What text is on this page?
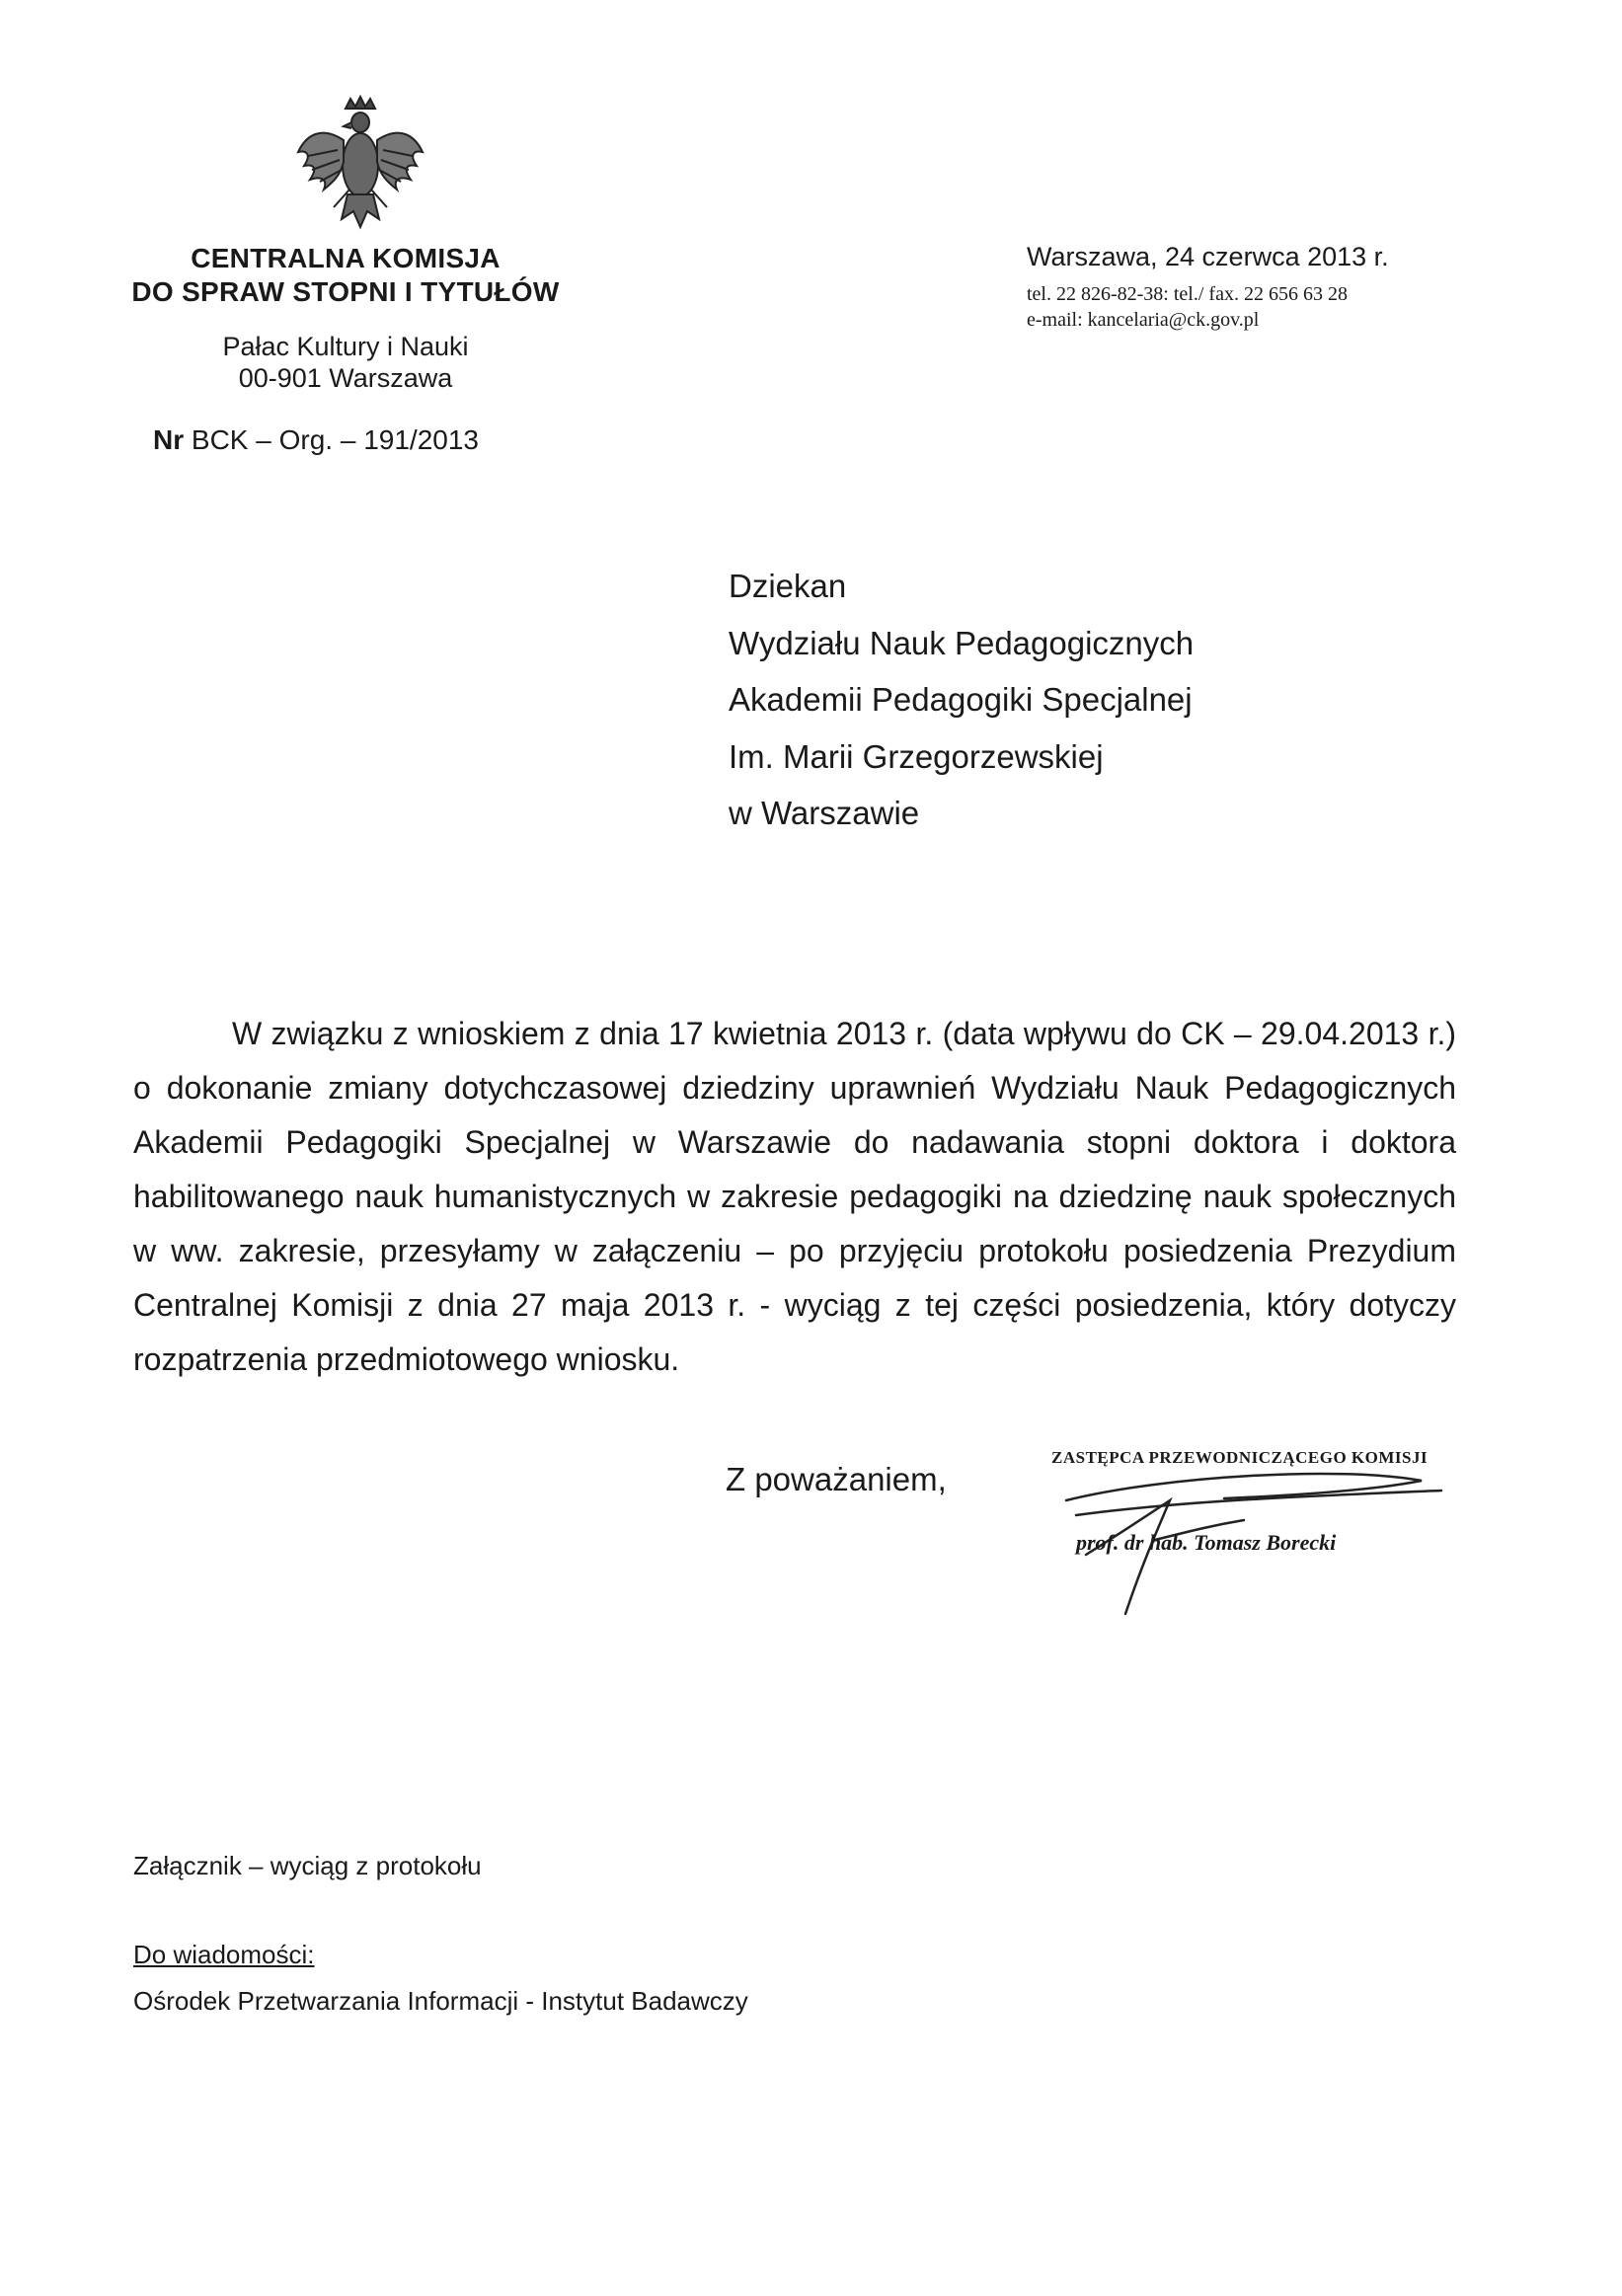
CENTRALNA KOMISJA
DO SPRAW STOPNI I TYTUŁÓW
Pałac Kultury i Nauki
00-901 Warszawa
Warszawa, 24 czerwca 2013 r.
tel. 22 826-82-38: tel./ fax. 22 656 63 28
e-mail: kancelaria@ck.gov.pl
Nr BCK – Org. – 191/2013
Dziekan
Wydziału Nauk Pedagogicznych
Akademii Pedagogiki Specjalnej
Im. Marii Grzegorzewskiej
w Warszawie

W związku z wnioskiem z dnia 17 kwietnia 2013 r. (data wpływu do CK – 29.04.2013 r.) o dokonanie zmiany dotychczasowej dziedziny uprawnień Wydziału Nauk Pedagogicznych Akademii Pedagogiki Specjalnej w Warszawie do nadawania stopni doktora i doktora habilitowanego nauk humanistycznych w zakresie pedagogiki na dziedzinę nauk społecznych w ww. zakresie, przesyłamy w załączeniu – po przyjęciu protokołu posiedzenia Prezydium Centralnej Komisji z dnia 27 maja 2013 r. - wyciąg z tej części posiedzenia, który dotyczy rozpatrzenia przedmiotowego wniosku.

Z poważaniem,
ZASTĘPCA PRZEWODNICZĄCEGO KOMISJI
prof. dr hab. Tomasz Borecki
Załącznik – wyciąg z protokołu
Do wiadomości:
Ośrodek Przetwarzania Informacji - Instytut Badawczy
